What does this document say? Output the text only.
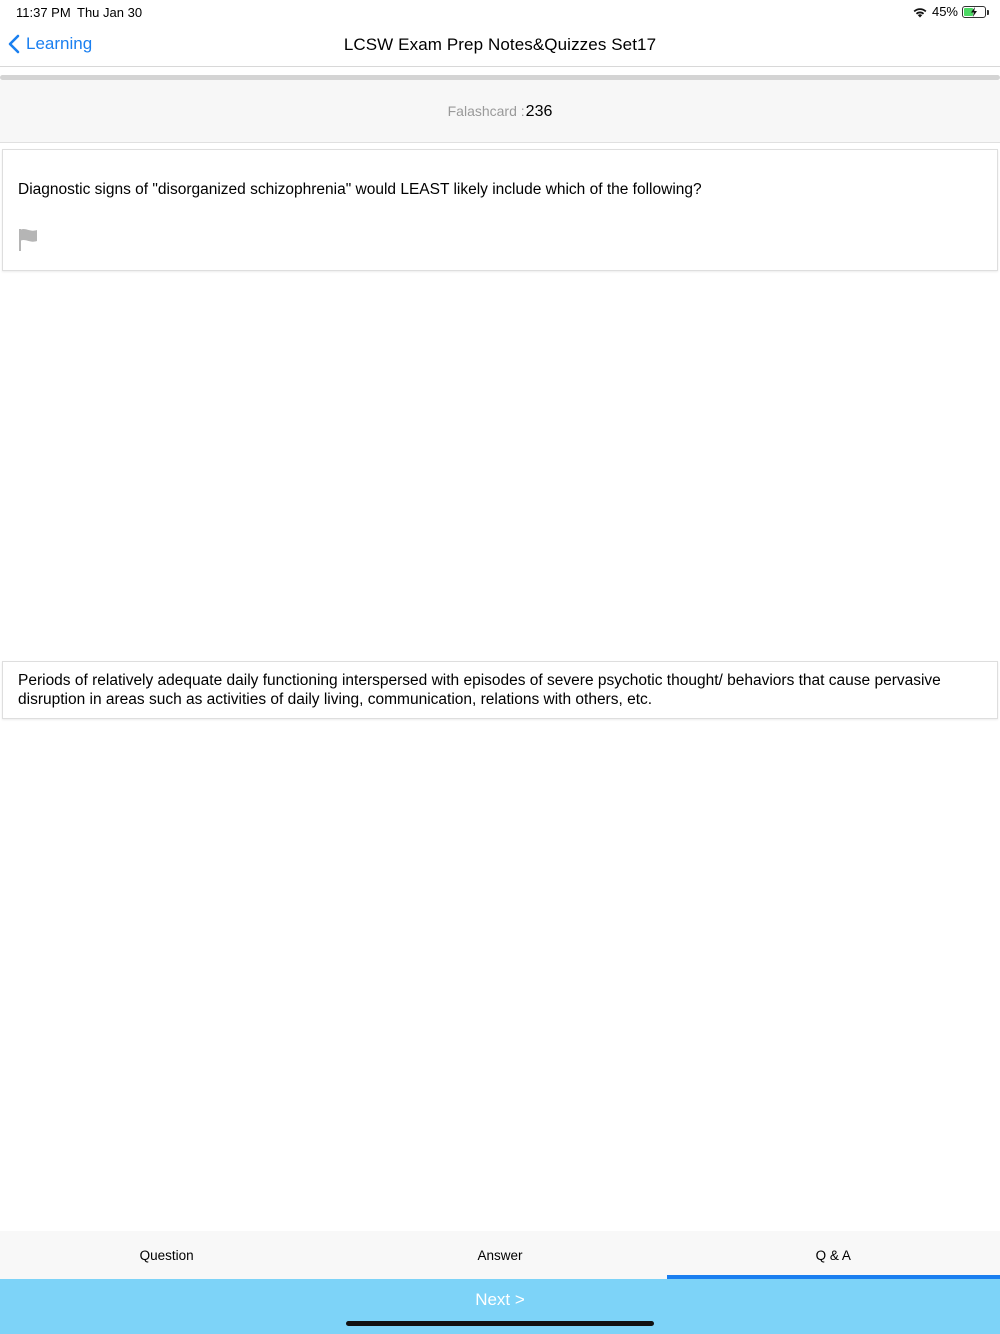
11:37 PM Thu Jan 30	45%
Learning	LCSW Exam Prep Notes&Quizzes Set17
Falashcard : 236
Diagnostic signs of "disorganized schizophrenia" would LEAST likely include which of the following?
Periods of relatively adequate daily functioning interspersed with episodes of severe psychotic thought/ behaviors that cause pervasive disruption in areas such as activities of daily living, communication, relations with others, etc.
Question	Answer	Q & A
Next >
